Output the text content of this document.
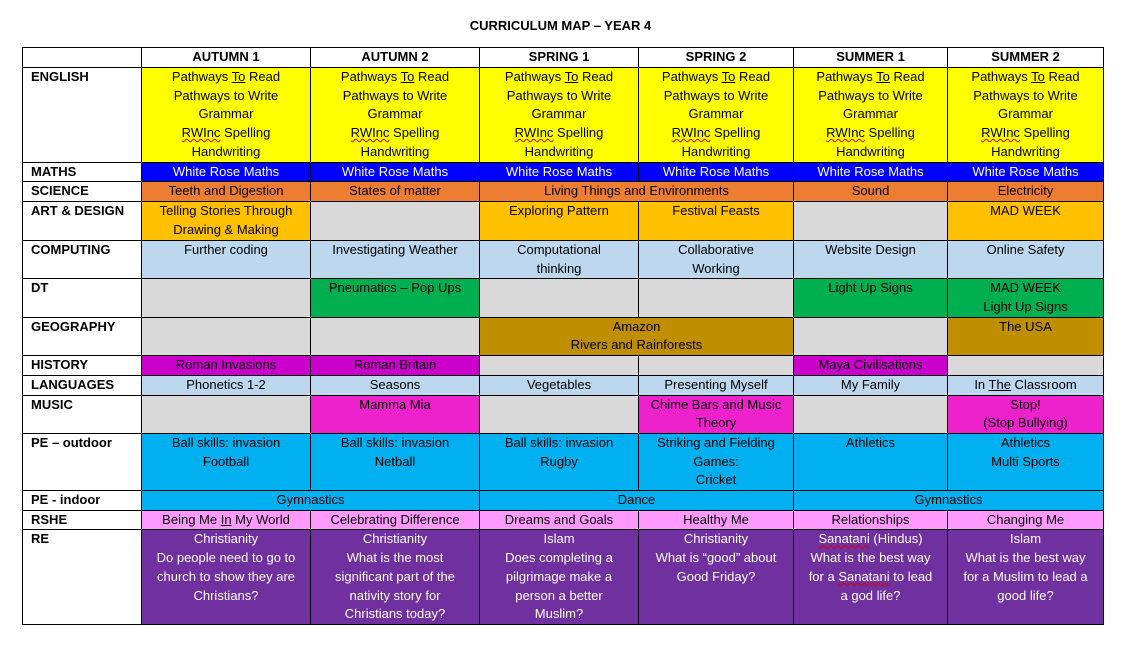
CURRICULUM MAP – YEAR 4
	AUTUMN 1	AUTUMN 2	SPRING 1	SPRING 2	SUMMER 1	SUMMER 2
ENGLISH	Pathways To Read
Pathways to Write
Grammar
RWInc Spelling
Handwriting	Pathways To Read
Pathways to Write
Grammar
RWInc Spelling
Handwriting	Pathways To Read
Pathways to Write
Grammar
RWInc Spelling
Handwriting	Pathways To Read
Pathways to Write
Grammar
RWInc Spelling
Handwriting	Pathways To Read
Pathways to Write
Grammar
RWInc Spelling
Handwriting	Pathways To Read
Pathways to Write
Grammar
RWInc Spelling
Handwriting

MATHS	White Rose Maths	White Rose Maths	White Rose Maths	White Rose Maths	White Rose Maths	White Rose Maths
SCIENCE	Teeth and Digestion	States of matter	Living Things and Environments		Sound	Electricity
ART & DESIGN	Telling Stories Through
Drawing & Making		Exploring Pattern	Festival Feasts		MAD WEEK
COMPUTING	Further coding	Investigating Weather	Computational
thinking	Collaborative
Working	Website Design	Online Safety
DT		Pneumatics – Pop Ups			Light Up Signs	MAD WEEK
Light Up Signs

GEOGRAPHY			Amazon
Rivers and Rainforests			The USA
HISTORY	Roman Invasions	Roman Britain			Maya Civilisations	
LANGUAGES	Phonetics 1-2	Seasons	Vegetables	Presenting Myself	My Family	In The Classroom
MUSIC		Mamma Mia		Chime Bars and Music
Theory		Stop!
(Stop Bullying)

PE – outdoor	Ball skills: invasion
Football	Ball skills: invasion
Netball	Ball skills: invasion
Rugby	Striking and Fielding
Games:
Cricket	Athletics	Athletics
Multi Sports

PE - indoor	Gymnastics		Dance		Gymnastics	
RSHE	Being Me In My World	Celebrating Difference	Dreams and Goals	Healthy Me	Relationships	Changing Me
RE	Christianity
Do people need to go to
church to show they are
Christians?	Christianity
What is the most
significant part of the
nativity story for
Christians today?	Islam
Does completing a
pilgrimage make a
person a better
Muslim?	Christianity
What is “good” about
Good Friday?	Sanatani (Hindus)
What is the best way
for a Sanatani to lead
a god life?	Islam
What is the best way
for a Muslim to lead a
good life?
